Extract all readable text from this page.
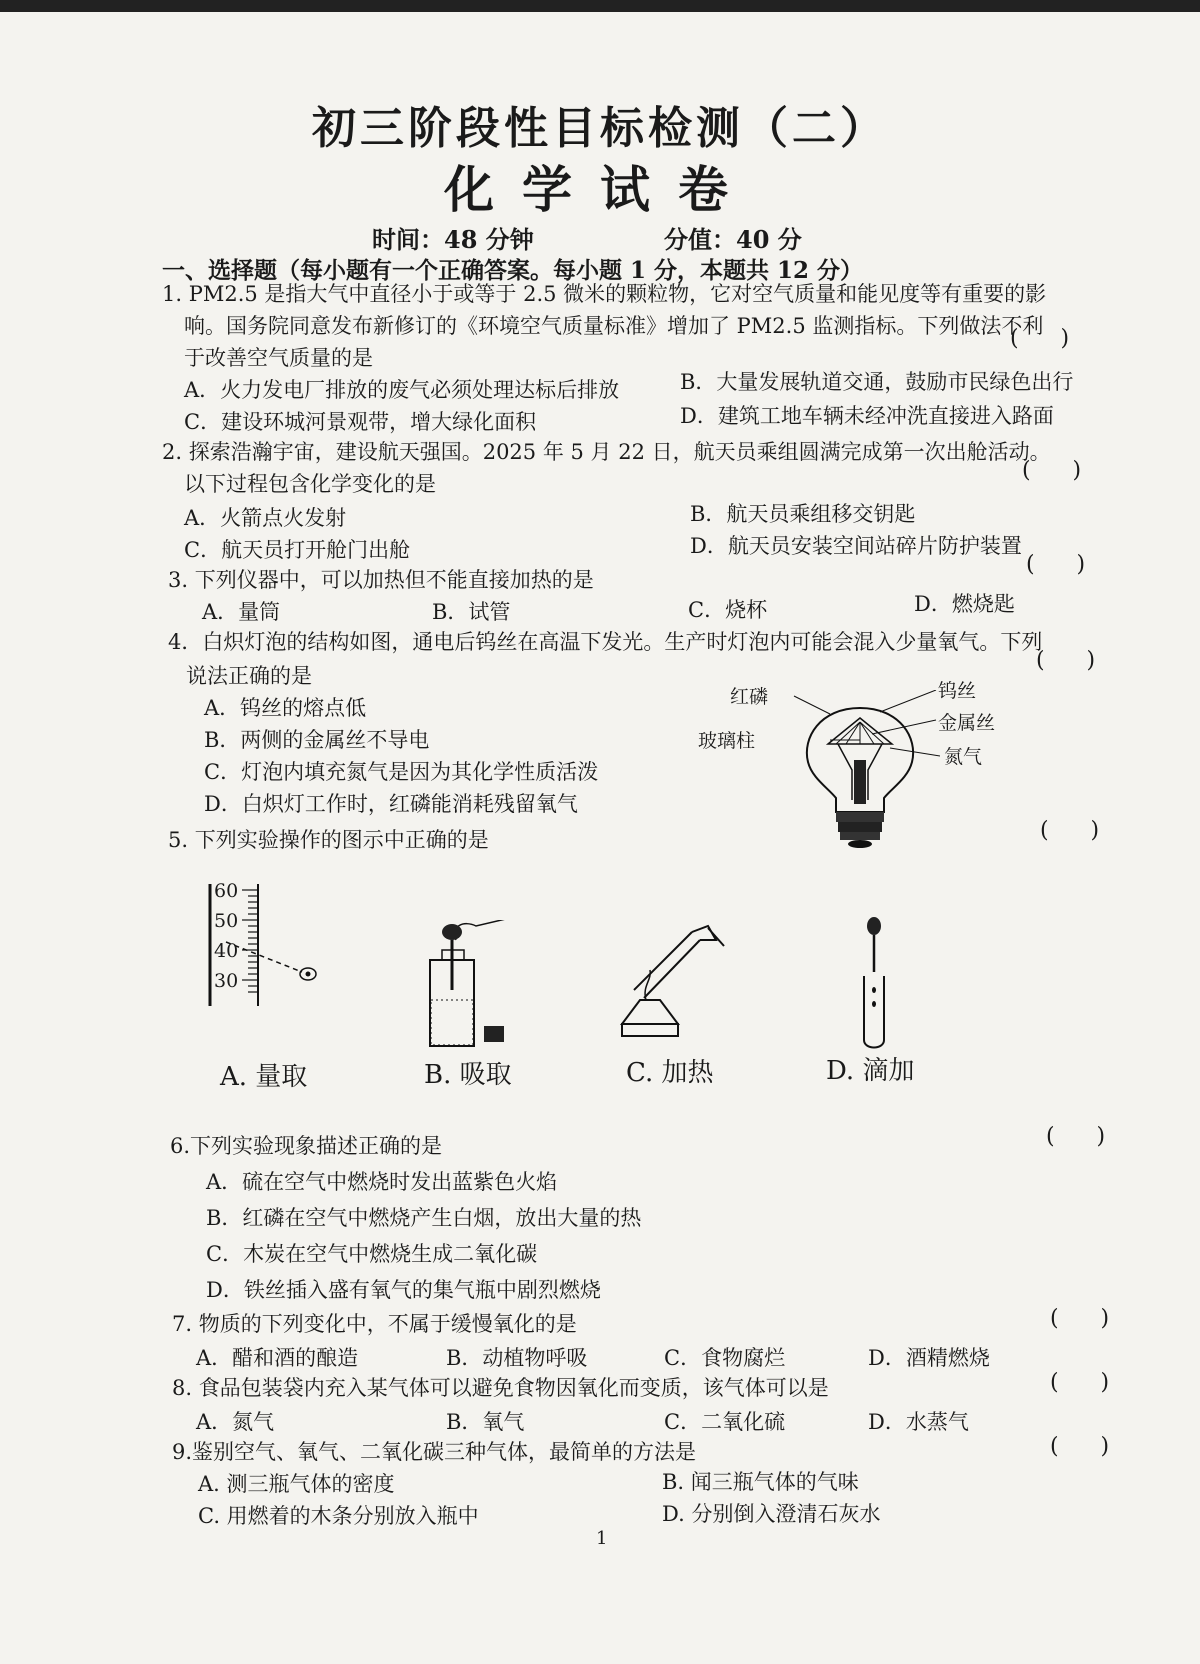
初三阶段性目标检测（二）
化学试卷
时间：48 分钟	分值：40 分
一、选择题（每小题有一个正确答案。每小题 1 分，本题共 12 分）
1. PM2.5 是指大气中直径小于或等于 2.5 微米的颗粒物，它对空气质量和能见度等有重要的影
响。国务院同意发布新修订的《环境空气质量标准》增加了 PM2.5 监测指标。下列做法不利
(      )
于改善空气质量的是
A．火力发电厂排放的废气必须处理达标后排放	B．大量发展轨道交通，鼓励市民绿色出行
C．建设环城河景观带，增大绿化面积	D．建筑工地车辆未经冲洗直接进入路面
2. 探索浩瀚宇宙，建设航天强国。2025 年 5 月 22 日，航天员乘组圆满完成第一次出舱活动。
(      )
以下过程包含化学变化的是
A．火箭点火发射	B．航天员乘组移交钥匙
C．航天员打开舱门出舱	D．航天员安装空间站碎片防护装置
(      )
3. 下列仪器中，可以加热但不能直接加热的是
A．量筒	B．试管	C．烧杯	D．燃烧匙
4．白炽灯泡的结构如图，通电后钨丝在高温下发光。生产时灯泡内可能会混入少量氧气。下列
(      )
说法正确的是
A．钨丝的熔点低
B．两侧的金属丝不导电
C．灯泡内填充氮气是因为其化学性质活泼
D．白炽灯工作时，红磷能消耗残留氧气
红磷	钨丝
金属丝
玻璃柱
氮气
5. 下列实验操作的图示中正确的是	(      )
60
50
40
30
A. 量取	B. 吸取	C. 加热	D. 滴加
6.下列实验现象描述正确的是	(      )
A．硫在空气中燃烧时发出蓝紫色火焰
B．红磷在空气中燃烧产生白烟，放出大量的热
C．木炭在空气中燃烧生成二氧化碳
D．铁丝插入盛有氧气的集气瓶中剧烈燃烧
7. 物质的下列变化中，不属于缓慢氧化的是	(      )
A．醋和酒的酿造	B．动植物呼吸	C．食物腐烂	D．酒精燃烧
8. 食品包装袋内充入某气体可以避免食物因氧化而变质，该气体可以是	(      )
A．氮气	B．氧气	C．二氧化硫	D．水蒸气
9.鉴别空气、氧气、二氧化碳三种气体，最简单的方法是	(      )
A. 测三瓶气体的密度	B. 闻三瓶气体的气味
C. 用燃着的木条分别放入瓶中	D. 分别倒入澄清石灰水
1
